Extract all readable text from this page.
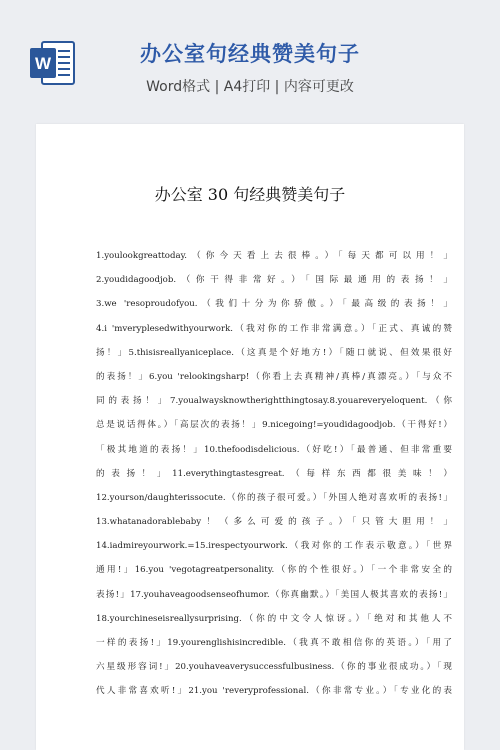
W	办公室句经典赞美句子
Word格式 | A4打印 | 内容可更改
办公室 30 句经典赞美句子
1.youlookgreattoday.（你今天看上去很棒。）「每天都可以用！」
2.youdidagoodjob.（你干得非常好。）「国际最通用的表扬！」
3.we 'resoproudofyou.（我们十分为你骄傲。）「最高级的表扬！」
4.i 'mveryplesedwithyourwork.（我对你的工作非常满意。）「正式、真诚的赞
扬！」5.thisisreallyaniceplace.（这真是个好地方!）「随口就说、但效果很好
的表扬！」6.you 'relookingsharp!（你看上去真精神/真棒/真漂亮。）「与众不
同的表扬！」7.youalwaysknowtherightthingtosay.8.youareveryeloquent.（你
总是说话得体。）「高层次的表扬！」9.nicegoing!=youdidagoodjob.（干得好!）
「极其地道的表扬！」10.thefoodisdelicious.（好吃!）「最普通、但非常重要
的表扬！」11.everythingtastesgreat.（每样东西都很美味！）
12.yourson/daughterissocute.（你的孩子很可爱。）「外国人绝对喜欢听的表扬!」
13.whatanadorablebaby！（多么可爱的孩子。）「只管大胆用！」
14.iadmireyourwork.=15.irespectyourwork.（我对你的工作表示敬意。）「世界
通用!」16.you 'vegotagreatpersonality.（你的个性很好。）「一个非常安全的
表扬!」17.youhaveagoodsenseofhumor.（你真幽默。）「美国人极其喜欢的表扬!」
18.yourchineseisreallysurprising.（你的中文令人惊讶。）「绝对和其他人不
一样的表扬!」19.yourenglishisincredible.（我真不敢相信你的英语。）「用了
六星级形容词!」20.youhaveaverysuccessfulbusiness.（你的事业很成功。）「现
代人非常喜欢听!」21.you 'reveryprofessional.（你非常专业。）「专业化的表
